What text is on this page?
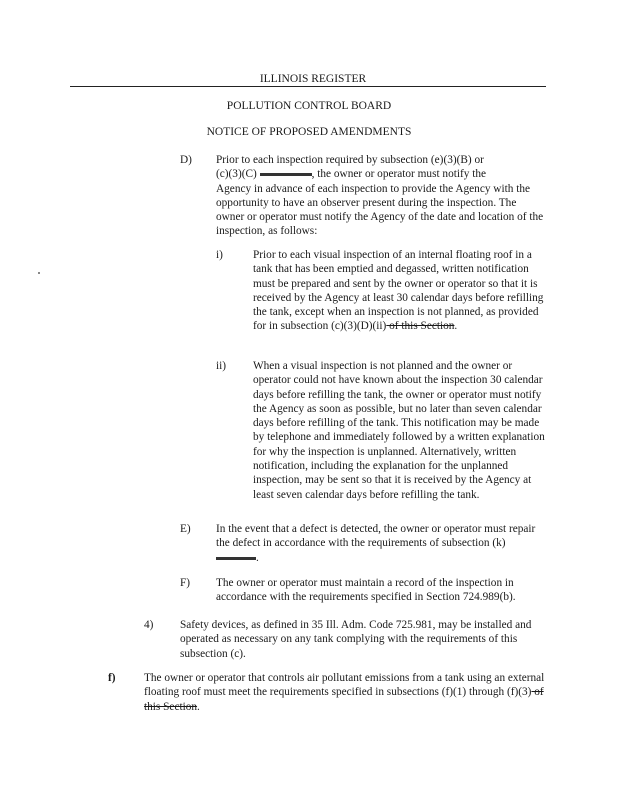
ILLINOIS REGISTER
POLLUTION CONTROL BOARD
NOTICE OF PROPOSED AMENDMENTS
D) Prior to each inspection required by subsection (e)(3)(B) or
(c)(3)(C)	, the owner or operator must notify the
Agency in advance of each inspection to provide the Agency with the opportunity to have an observer present during the inspection. The owner or operator must notify the Agency of the date and location of the inspection, as follows:
i)	Prior to each visual inspection of an internal floating roof in a tank that has been emptied and degassed, written notification must be prepared and sent by the owner or operator so that it is received by the Agency at least 30 calendar days before refilling the tank, except when an inspection is not planned, as provided for in subsection (c)(3)(D)(ii) of this Section.
ii) When a visual inspection is not planned and the owner or operator could not have known about the inspection 30 calendar days before refilling the tank, the owner or operator must notify the Agency as soon as possible, but no later than seven calendar days before refilling of the tank. This notification may be made by telephone and immediately followed by a written explanation for why the inspection is unplanned. Alternatively, written notification, including the explanation for the unplanned inspection, may be sent so that it is received by the Agency at least seven calendar days before refilling the tank.
E) In the event that a defect is detected, the owner or operator must repair the defect in accordance with the requirements of subsection (k) .
F) The owner or operator must maintain a record of the inspection in accordance with the requirements specified in Section 724.989(b).
4) Safety devices, as defined in 35 Ill. Adm. Code 725.981, may be installed and operated as necessary on any tank complying with the requirements of this subsection (c).
f)	The owner or operator that controls air pollutant emissions from a tank using an external floating roof must meet the requirements specified in subsections (f)(1) through (f)(3) of this Section.
